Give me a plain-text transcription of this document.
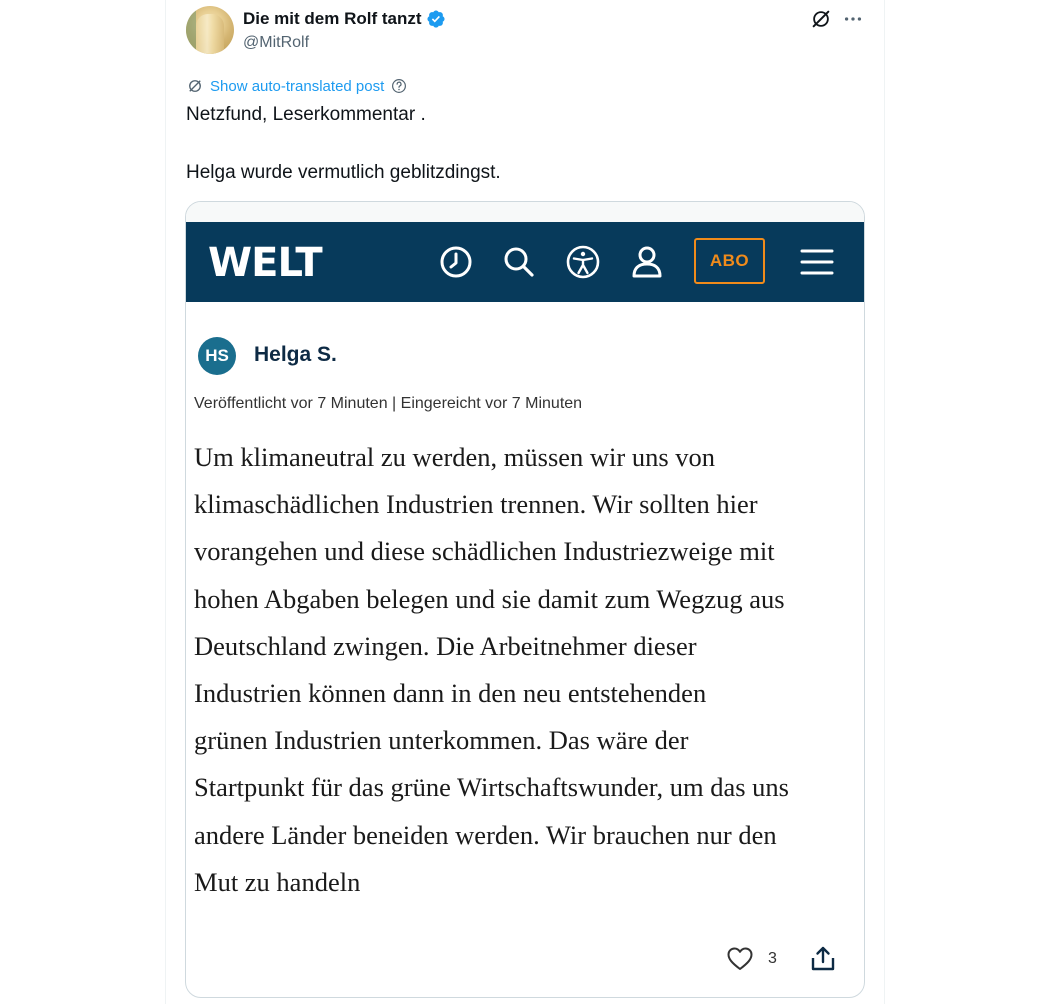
Die mit dem Rolf tanzt
@MitRolf
Show auto-translated post
Netzfund, Leserkommentar .
Helga wurde vermutlich geblitzdingst.
WELT	ABO
HS	Helga S.
Veröffentlicht vor 7 Minuten | Eingereicht vor 7 Minuten
Um klimaneutral zu werden, müssen wir uns von
klimaschädlichen Industrien trennen. Wir sollten hier
vorangehen und diese schädlichen Industriezweige mit
hohen Abgaben belegen und sie damit zum Wegzug aus
Deutschland zwingen. Die Arbeitnehmer dieser
Industrien können dann in den neu entstehenden
grünen Industrien unterkommen. Das wäre der
Startpunkt für das grüne Wirtschaftswunder, um das uns
andere Länder beneiden werden. Wir brauchen nur den
Mut zu handeln
3
